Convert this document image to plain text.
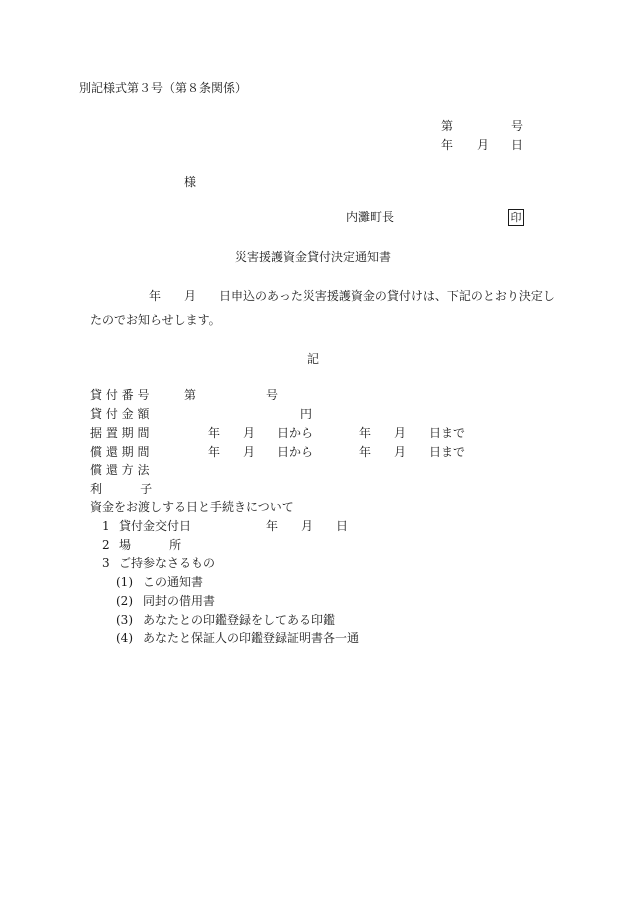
別記様式第３号（第８条関係）
第	号
年 月 日
様
内灘町長	印
災害援護資金貸付決定通知書
年 月 日申込のあった災害援護資金の貸付けは、下記のとおり決定し
たのでお知らせします。
記
貸 付 番 号	第	号
貸 付 金 額	円
据 置 期 間	年 月 日から	年 月 日まで
償 還 期 間	年 月 日から	年 月 日まで
償 還 方 法
利          子
資金をお渡しする日と手続きについて
1 貸付金交付日	年 月 日
2 場          所
3 ご持参なさるもの
(1) この通知書
(2) 同封の借用書
(3) あなたとの印鑑登録をしてある印鑑
(4) あなたと保証人の印鑑登録証明書各一通
